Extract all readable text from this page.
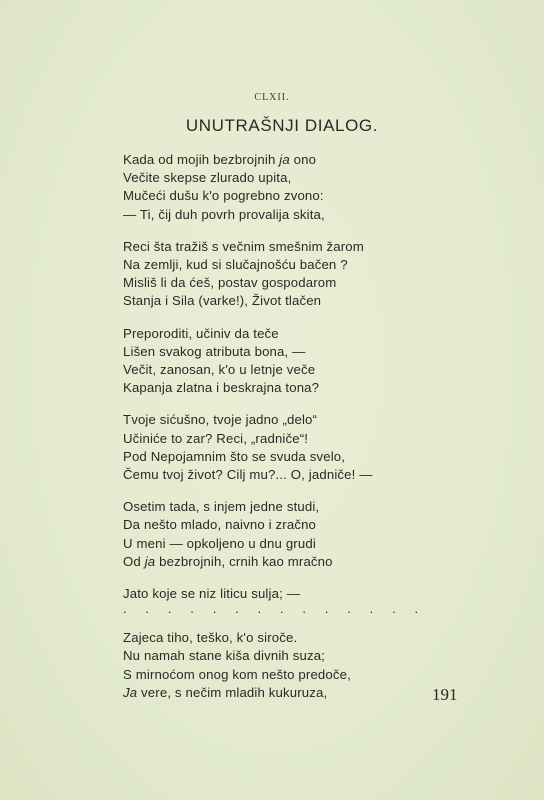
CLXII.
UNUTRAŠNJI DIALOG.
Kada od mojih bezbrojnih ja ono
Večite skepse zlurado upita,
Mučeći dušu k'o pogrebno zvono:
— Ti, čij duh povrh provalija skita,
Reci šta tražiš s večnim smešnim žarom
Na zemlji, kud si slučajnošću bačen ?
Misliš li da ćeš, postav gospodarom
Stanja i Sila (varke!), Život tlačen
Preporoditi, učiniv da teče
Lišen svakog atributa bona, —
Večit, zanosan, k'o u letnje veče
Kapanja zlatna i beskrajna tona?
Tvoje sićušno, tvoje jadno „delo“
Učiniće to zar? Reci, „radniče“!
Pod Nepojamnim što se svuda svelo,
Čemu tvoj život? Cilj mu?... O, jadniče! —
Osetim tada, s injem jedne studi,
Da nešto mlado, naivno i zračno
U meni — opkoljeno u dnu grudi
Od ja bezbrojnih, crnih kao mračno
Jato koje se niz liticu sulja; —
. . . . . . . . . . . . . .
Zajeca tiho, teško, k'o siroče.
Nu namah stane kiša divnih suza;
S mirnoćom onog kom nešto predoče,
Ja vere, s nečim mladih kukuruza,	191
